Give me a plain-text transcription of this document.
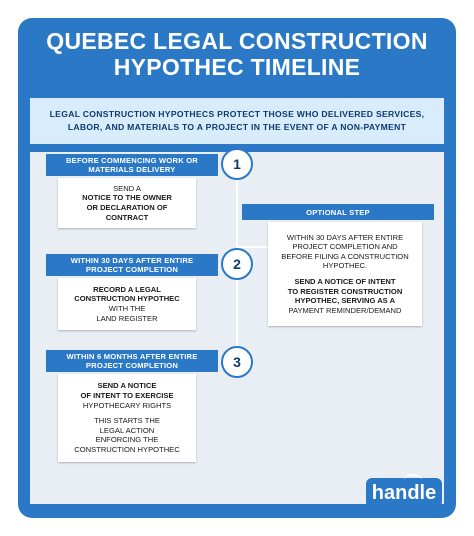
QUEBEC LEGAL CONSTRUCTION
HYPOTHEC TIMELINE
LEGAL CONSTRUCTION HYPOTHECS PROTECT THOSE WHO DELIVERED SERVICES, LABOR, AND MATERIALS TO A PROJECT IN THE EVENT OF A NON-PAYMENT
BEFORE COMMENCING WORK OR MATERIALS DELIVERY	1

SEND A

NOTICE TO THE OWNER

OR DECLARATION OF

CONTRACT

OPTIONAL STEP

WITHIN 30 DAYS AFTER ENTIRE PROJECT COMPLETION AND BEFORE FILING A CONSTRUCTION HYPOTHEC.

SEND A NOTICE OF INTENT

TO REGISTER CONSTRUCTION

HYPOTHEC, SERVING AS A

PAYMENT REMINDER/DEMAND

WITHIN 30 DAYS AFTER ENTIRE PROJECT COMPLETION	2

RECORD A LEGAL

CONSTRUCTION HYPOTHEC

WITH THE

LAND REGISTER

WITHIN 6 MONTHS AFTER ENTIRE PROJECT COMPLETION	3

SEND A NOTICE

OF INTENT TO EXERCISE

HYPOTHECARY RIGHTS

THIS STARTS THE

LEGAL ACTION

ENFORCING THE

CONSTRUCTION HYPOTHEC

handle
